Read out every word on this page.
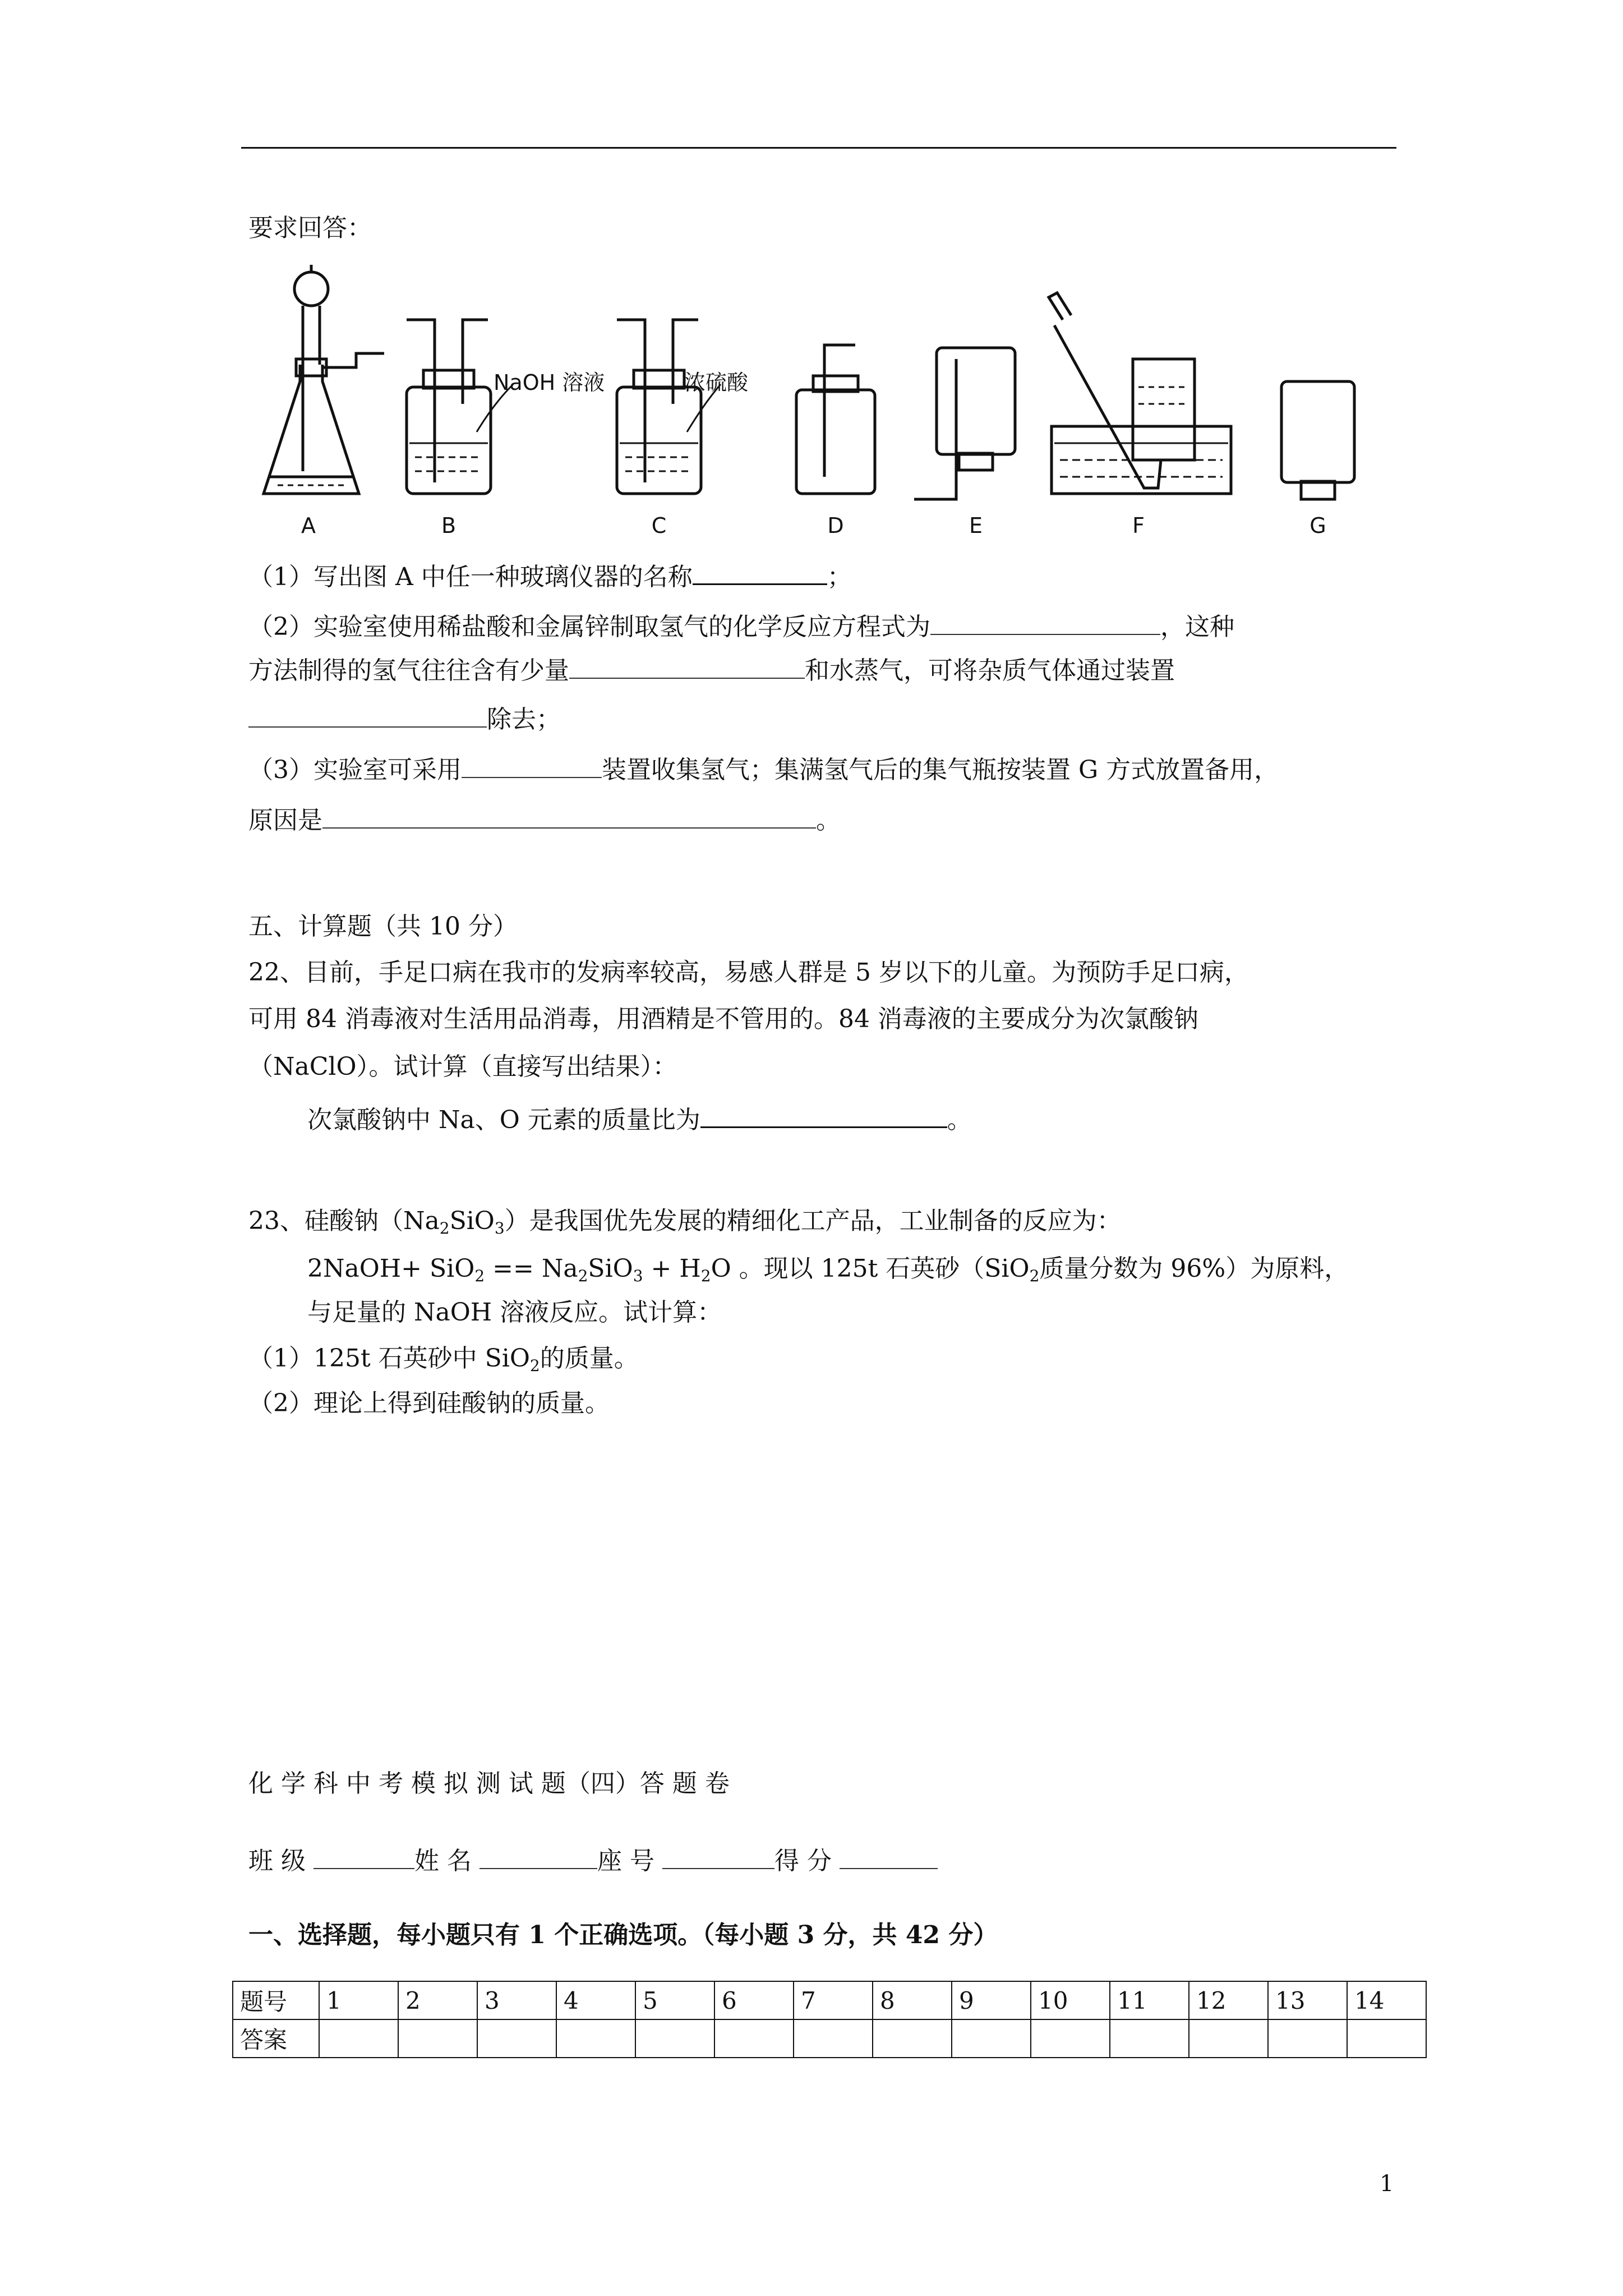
要求回答：
A	B	C	D	E	F	G
NaOH 溶液	浓硫酸
（1）写出图 A 中任一种玻璃仪器的名称	；
（2）实验室使用稀盐酸和金属锌制取氢气的化学反应方程式为	，这种
方法制得的氢气往往含有少量	和水蒸气，可将杂质气体通过装置
除去；
（3）实验室可采用	装置收集氢气；集满氢气后的集气瓶按装置 G 方式放置备用，
原因是	。
五、计算题（共 10 分）
22、目前，手足口病在我市的发病率较高，易感人群是 5 岁以下的儿童。为预防手足口病，
可用 84 消毒液对生活用品消毒，用酒精是不管用的。84 消毒液的主要成分为次氯酸钠
（NaClO）。试计算（直接写出结果）：
次氯酸钠中 Na、O 元素的质量比为	。
23、硅酸钠$(Na_2SiO_3)$是我国优先发展的精细化工产品，工业制备的反应为：
2NaOH+ $SiO_2 == Na_2SiO_3 + H_2O$ 。现以 125t 石英砂（SiO$_2$质量分数为 96%）为原料，
与足量的 NaOH 溶液反应。试计算：
（1）125t 石英砂中 SiO$_2$的质量。
（2）理论上得到硅酸钠的质量。
化 学 科 中 考 模 拟 测 试 题（四）答 题 卷
班 级	姓 名	座 号	得 分
一、选择题，每小题只有 1 个正确选项。（每小题 3 分，共 42 分）
题号	1	2	3	4	5	6	7	8	9	10	11	12	13	14
答案														
1
